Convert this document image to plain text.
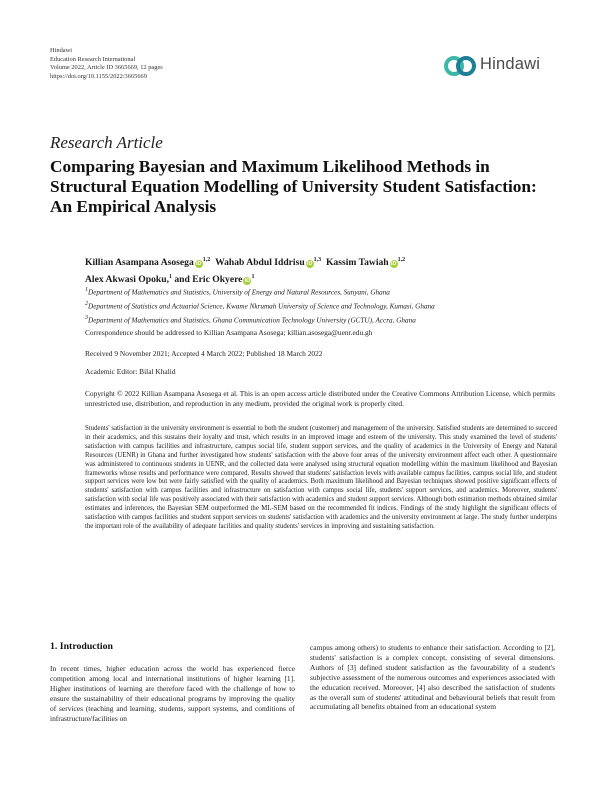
Hindawi
Education Research International
Volume 2022, Article ID 3665669, 12 pages
https://doi.org/10.1155/2022/3665669
Hindawi
Research Article
Comparing Bayesian and Maximum Likelihood Methods in Structural Equation Modelling of University Student Satisfaction: An Empirical Analysis
Killian Asampana Asosega iD$^{1,2}$ Wahab Abdul Iddrisu iD$^{1,3}$ Kassim Tawiah iD$^{1,2}$
Alex Akwasi Opoku,$^1$ and Eric Okyere $iD^1$
$^1$Department of Mathematics and Statistics, University of Energy and Natural Resources, Sunyani, Ghana
$^2$Department of Statistics and Actuarial Science, Kwame Nkrumah University of Science and Technology, Kumasi, Ghana
$^3$Department of Mathematics and Statistics, Ghana Communication Technology University (GCTU), Accra, Ghana
Correspondence should be addressed to Killian Asampana Asosega; killian.asosega@uenr.edu.gh
Received 9 November 2021; Accepted 4 March 2022; Published 18 March 2022
Academic Editor: Bilal Khalid
Copyright © 2022 Killian Asampana Asosega et al. This is an open access article distributed under the Creative Commons Attribution License, which permits unrestricted use, distribution, and reproduction in any medium, provided the original work is properly cited.
Students' satisfaction in the university environment is essential to both the student (customer) and management of the university. Satisfied students are determined to succeed in their academics, and this sustains their loyalty and trust, which results in an improved image and esteem of the university. This study examined the level of students' satisfaction with campus facilities and infrastructure, campus social life, student support services, and the quality of academics in the University of Energy and Natural Resources (UENR) in Ghana and further investigated how students' satisfaction with the above four areas of the university environment affect each other. A questionnaire was administered to continuous students in UENR, and the collected data were analysed using structural equation modelling within the maximum likelihood and Bayesian frameworks whose results and performance were compared. Results showed that students' satisfaction levels with available campus facilities, campus social life, and student support services were low but were fairly satisfied with the quality of academics. Both maximum likelihood and Bayesian techniques showed positive significant effects of students' satisfaction with campus facilities and infrastructure on satisfaction with campus social life, students' support services, and academics. Moreover, students' satisfaction with social life was positively associated with their satisfaction with academics and student support services. Although both estimation methods obtained similar estimates and inferences, the Bayesian SEM outperformed the ML-SEM based on the recommended fit indices. Findings of the study highlight the significant effects of satisfaction with campus facilities and student support services on students' satisfaction with academics and the university environment at large. The study further underpins the important role of the availability of adequate facilities and quality students' services in improving and sustaining satisfaction.
1. Introduction
In recent times, higher education across the world has experienced fierce competition among local and international institutions of higher learning [1]. Higher institutions of learning are therefore faced with the challenge of how to ensure the sustainability of their educational programs by improving the quality of services (teaching and learning, students, support systems, and conditions of infrastructure/facilities on
campus among others) to students to enhance their satisfaction. According to [2], students' satisfaction is a complex concept, consisting of several dimensions. Authors of [3] defined student satisfaction as the favourability of a student's subjective assessment of the numerous outcomes and experiences associated with the education received. Moreover, [4] also described the satisfaction of students as the overall sum of students' attitudinal and behavioural beliefs that result from accumulating all benefits obtained from an educational system
